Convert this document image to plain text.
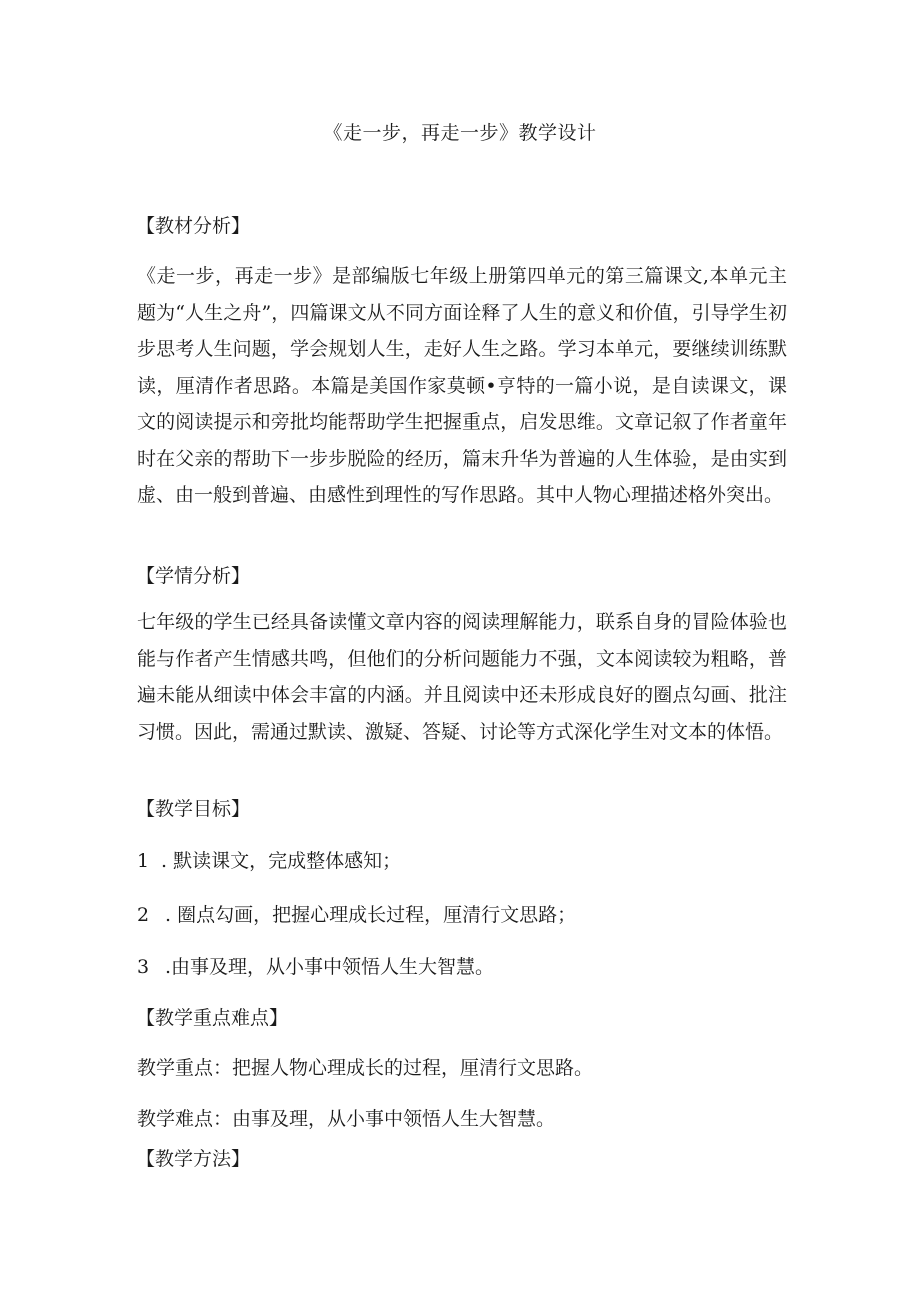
《走一步，再走一步》教学设计
【教材分析】
《走一步，再走一步》是部编版七年级上册第四单元的第三篇课文,本单元主题为“人生之舟”，四篇课文从不同方面诠释了人生的意义和价值，引导学生初步思考人生问题，学会规划人生，走好人生之路。学习本单元，要继续训练默读，厘清作者思路。本篇是美国作家莫顿•亨特的一篇小说，是自读课文，课文的阅读提示和旁批均能帮助学生把握重点，启发思维。文章记叙了作者童年时在父亲的帮助下一步步脱险的经历，篇末升华为普遍的人生体验，是由实到虚、由一般到普遍、由感性到理性的写作思路。其中人物心理描述格外突出。
【学情分析】
七年级的学生已经具备读懂文章内容的阅读理解能力，联系自身的冒险体验也能与作者产生情感共鸣，但他们的分析问题能力不强，文本阅读较为粗略，普遍未能从细读中体会丰富的内涵。并且阅读中还未形成良好的圈点勾画、批注习惯。因此，需通过默读、激疑、答疑、讨论等方式深化学生对文本的体悟。
【教学目标】
1 . 默读课文，完成整体感知；
2 . 圈点勾画，把握心理成长过程，厘清行文思路；
3 .由事及理，从小事中领悟人生大智慧。
【教学重点难点】
教学重点：把握人物心理成长的过程，厘清行文思路。
教学难点：由事及理，从小事中领悟人生大智慧。
【教学方法】
